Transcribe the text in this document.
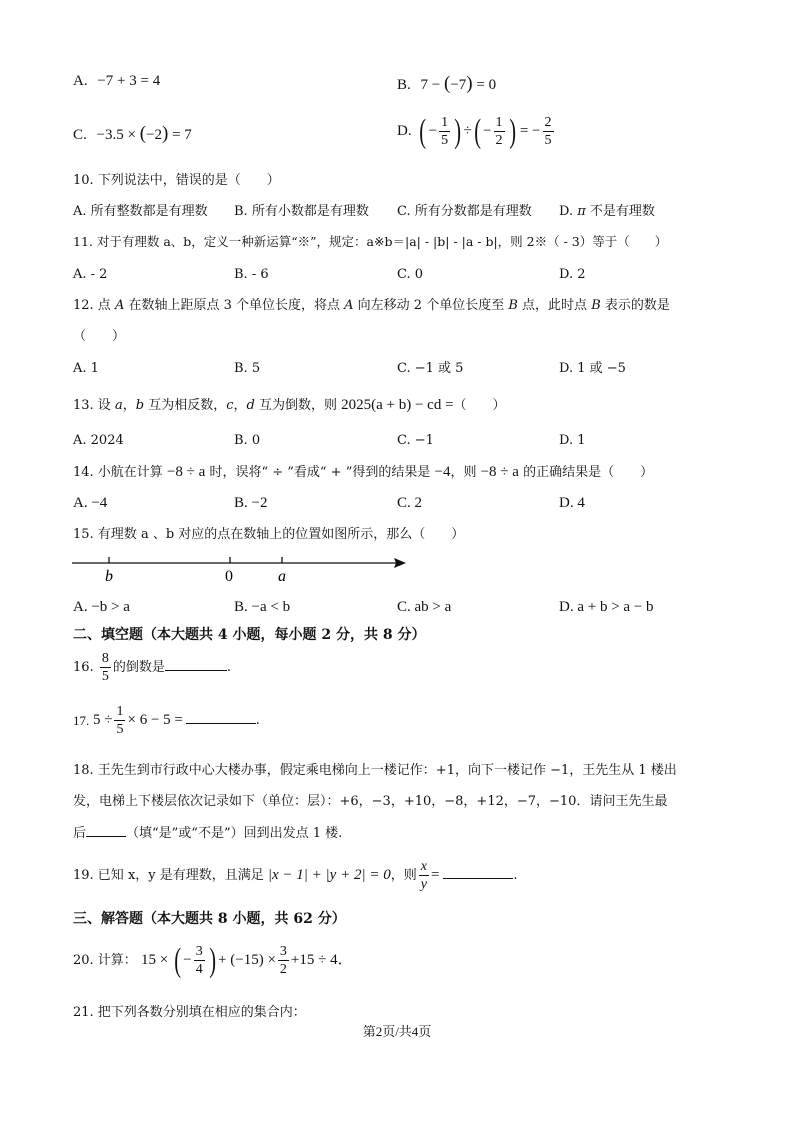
A. −7 + 3 = 4	B. 7 − (−7) = 0
C. −3.5 × (−2) = 7	D. ( − $\frac{1}{5}$ ) ÷( − $\frac{1}{2}$ ) = − $\frac{2}{5}$
10. 下列说法中，错误的是（　　）
A. 所有整数都是有理数 B. 所有小数都是有理数 C. 所有分数都是有理数 D. π 不是有理数
11. 对于有理数 a、b，定义一种新运算“※”，规定：a※b＝|a| - |b| - |a - b|，则 2※（ - 3）等于（　　）
A. - 2	B. - 6	C. 0	D. 2
12. 点 A 在数轴上距原点 3 个单位长度，将点 A 向左移动 2 个单位长度至 B 点，此时点 B 表示的数是
（　　）
A. 1	B. 5	C. −1 或 5	D. 1 或 −5
13. 设 a，b 互为相反数，c，d 互为倒数，则 2025(a + b) − cd =（　　）
A. 2024	B. 0	C. −1	D. 1
14. 小航在计算 −8 ÷ a 时，误将“ ÷ ”看成“ + ”得到的结果是 −4，则 −8 ÷ a 的正确结果是（　　）
A. −4	B. −2	C. 2	D. 4
15. 有理数 a 、b 对应的点在数轴上的位置如图所示，那么（　　）
b	0	a
A. −b > a	B. −a < b	C. ab > a	D. a + b > a − b
二、填空题（本大题共 4 小题，每小题 2 分，共 8 分）
16. $\frac{8}{5}$ 的倒数是	.
17. $5 \div \frac{1}{5} \times 6 - 5$ =	.
18. 王先生到市行政中心大楼办事，假定乘电梯向上一楼记作：+1，向下一楼记作 −1，王先生从 1 楼出
发，电梯上下楼层依次记录如下（单位：层）：+6，−3，+10，−8，+12，−7，−10．请问王先生最
后	（填“是”或“不是”）回到出发点 1 楼.
19. 已知 x，y 是有理数，且满足 |x − 1| + |y + 2| = 0，则 $\frac{x}{y}$ =	.
三、解答题（本大题共 8 小题，共 62 分）
20. 计算： 15 × ( − $\frac{3}{4}$ ) + $(-15) \times \frac{3}{2} +15 \div 4$．
21. 把下列各数分别填在相应的集合内：
第2页/共4页
